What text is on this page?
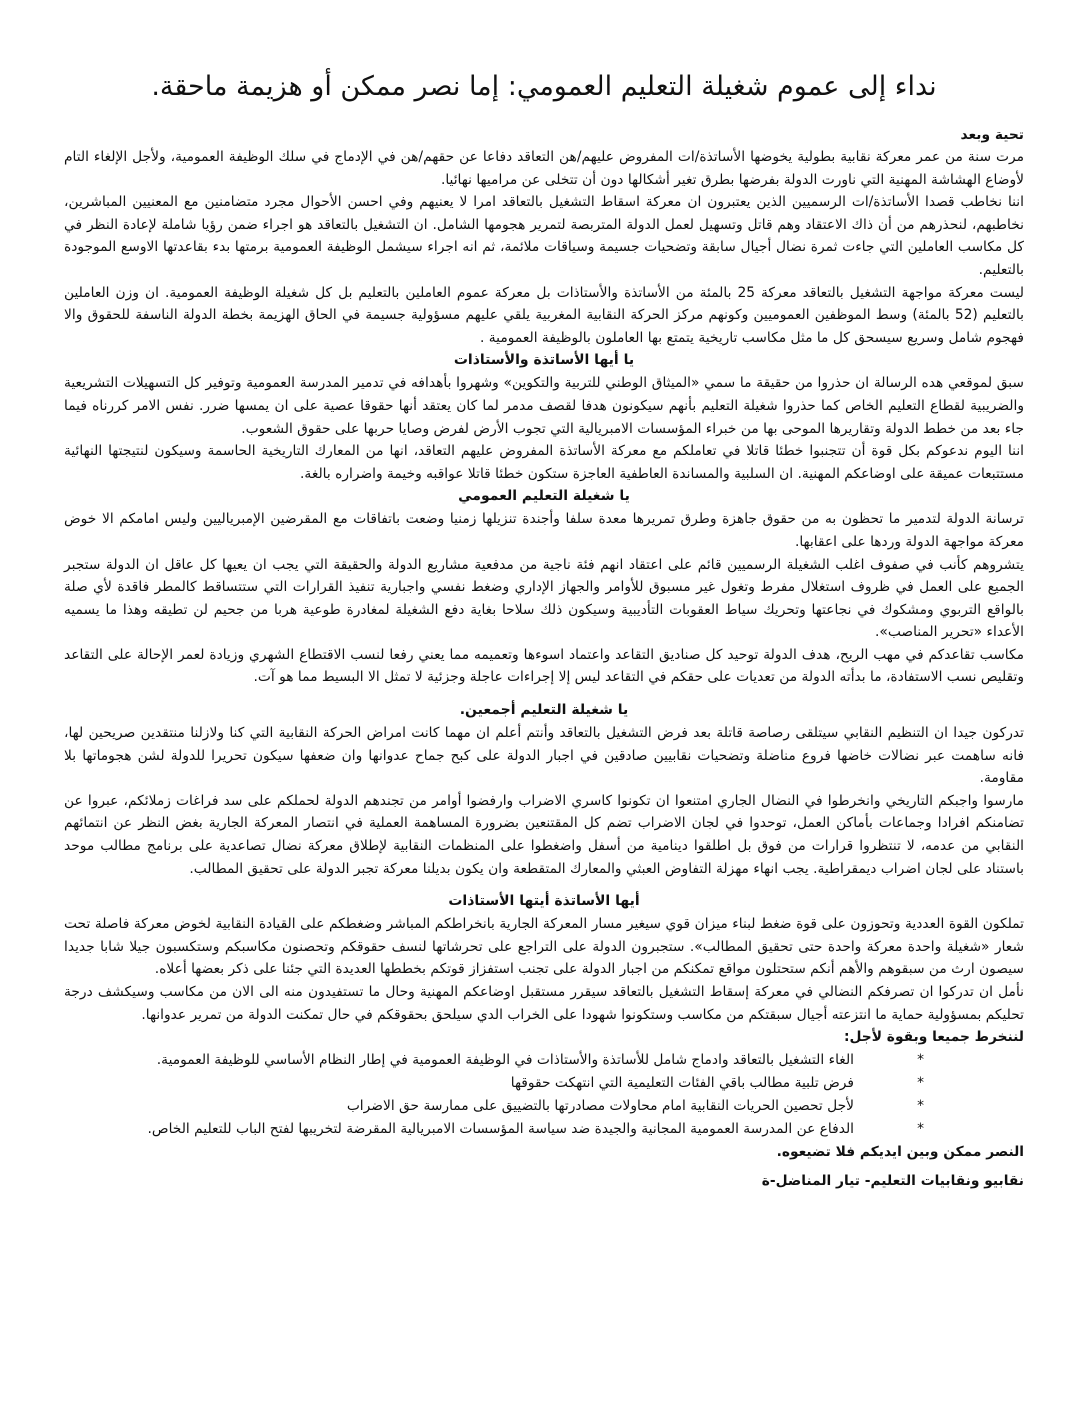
نداء إلى عموم شغيلة التعليم العمومي: إما نصر ممكن أو هزيمة ماحقة.

تحية وبعد

مرت سنة من عمر معركة نقابية بطولية يخوضها الأساتذة/ات المفروض عليهم/هن التعاقد دفاعا عن حقهم/هن في الإدماج في سلك الوظيفة العمومية، ولأجل الإلغاء التام لأوضاع الهشاشة المهنية التي ناورت الدولة بفرضها بطرق تغير أشكالها دون أن تتخلى عن مراميها نهائيا.

اننا نخاطب قصدا الأساتذة/ات الرسميين الذين يعتبرون ان معركة اسقاط التشغيل بالتعاقد امرا لا يعنيهم وفي احسن الأحوال مجرد متضامنين مع المعنيين المباشرين، نخاطبهم، لنحذرهم من أن ذاك الاعتقاد وهم قاتل وتسهيل لعمل الدولة المتربصة لتمرير هجومها الشامل. ان التشغيل بالتعاقد هو اجراء ضمن رؤيا شاملة لإعادة النظر في كل مكاسب العاملين التي جاءت ثمرة نضال أجيال سابقة وتضحيات جسيمة وسياقات ملائمة، ثم انه اجراء سيشمل الوظيفة العمومية برمتها بدء بقاعدتها الاوسع الموجودة بالتعليم.

ليست معركة مواجهة التشغيل بالتعاقد معركة 25 بالمئة من الأساتذة والأستاذات بل معركة عموم العاملين بالتعليم بل كل شغيلة الوظيفة العمومية. ان وزن العاملين بالتعليم (52 بالمئة) وسط الموظفين العموميين وكونهم مركز الحركة النقابية المغربية يلقي عليهم مسؤولية جسيمة في الحاق الهزيمة بخطة الدولة الناسفة للحقوق والا فهجوم شامل وسريع سيسحق كل ما مثل مكاسب تاريخية يتمتع بها العاملون بالوظيفة العمومية .

يا أيها الأساتذة والأستاذات

سبق لموقعي هده الرسالة ان حذروا من حقيقة ما سمي «الميثاق الوطني للتربية والتكوين» وشهروا بأهدافه في تدمير المدرسة العمومية وتوفير كل التسهيلات التشريعية والضريبية لقطاع التعليم الخاص كما حذروا شغيلة التعليم بأنهم سيكونون هدفا لقصف مدمر لما كان يعتقد أنها حقوقا عصية على ان يمسها ضرر. نفس الامر كررناه فيما جاء بعد من خطط الدولة وتقاريرها الموحى بها من خبراء المؤسسات الامبريالية التي تجوب الأرض لفرض وصايا حربها على حقوق الشعوب.

اننا اليوم ندعوكم بكل قوة أن تتجنبوا خطئا قاتلا في تعاملكم مع معركة الأساتذة المفروض عليهم التعاقد، انها من المعارك التاريخية الحاسمة وسيكون لنتيجتها النهائية مستتبعات عميقة على اوضاعكم المهنية. ان السلبية والمساندة العاطفية العاجزة ستكون خطئا قاتلا عواقبه وخيمة واضراره بالغة.

يا شغيلة التعليم العمومي

ترسانة الدولة لتدمير ما تحظون به من حقوق جاهزة وطرق تمريرها معدة سلفا وأجندة تنزيلها زمنيا وضعت باتفاقات مع المقرضين الإمبرياليين وليس امامكم الا خوض معركة مواجهة الدولة وردها على اعقابها.

يتشروهم كأنب في صفوف اغلب الشغيلة الرسميين قائم على اعتقاد انهم فئة ناجية من مدفعية مشاريع الدولة والحقيقة التي يجب ان يعيها كل عاقل ان الدولة ستجبر الجميع على العمل في ظروف استغلال مفرط وتغول غير مسبوق للأوامر والجهاز الإداري وضغط نفسي واجبارية تنفيذ القرارات التي ستتساقط كالمطر فاقدة لأي صلة بالواقع التربوي ومشكوك في نجاعتها وتحريك سياط العقوبات التأديبية وسيكون ذلك سلاحا بغاية دفع الشغيلة لمغادرة طوعية هربا من جحيم لن تطيقه وهذا ما يسميه الأعداء «تحرير المناصب».

مكاسب تقاعدكم في مهب الريح، هدف الدولة توحيد كل صناديق التقاعد واعتماد اسوءها وتعميمه مما يعني رفعا لنسب الاقتطاع الشهري وزيادة لعمر الإحالة على التقاعد وتقليص نسب الاستفادة، ما بدأته الدولة من تعديات على حقكم في التقاعد ليس إلا إجراءات عاجلة وجزئية لا تمثل الا البسيط مما هو آت.

يا شغيلة التعليم أجمعين.

تدركون جيدا ان التنظيم النقابي سيتلقى رصاصة قاتلة بعد فرض التشغيل بالتعاقد وأنتم أعلم ان مهما كانت امراض الحركة النقابية التي كنا ولازلنا منتقدين صريحين لها، فانه ساهمت عبر نضالات خاضها فروع مناضلة وتضحيات نقابيين صادقين في اجبار الدولة على كبح جماح عدوانها وان ضعفها سيكون تحريرا للدولة لشن هجوماتها بلا مقاومة.

مارسوا واجبكم التاريخي وانخرطوا في النضال الجاري امتنعوا ان تكونوا كاسري الاضراب وارفضوا أوامر من تجندهم الدولة لحملكم على سد فراغات زملائكم، عبروا عن تضامنكم افرادا وجماعات بأماكن العمل، توحدوا في لجان الاضراب تضم كل المقتنعين بضرورة المساهمة العملية في انتصار المعركة الجارية بغض النظر عن انتمائهم النقابي من عدمه، لا تنتظروا قرارات من فوق بل اطلقوا دينامية من أسفل واضغطوا على المنظمات النقابية لإطلاق معركة نضال تصاعدية على برنامج مطالب موحد باستناد على لجان اضراب ديمقراطية. يجب انهاء مهزلة التفاوض العبثي والمعارك المتقطعة وان يكون بديلنا معركة تجبر الدولة على تحقيق المطالب.

أيها الأساتذة أيتها الأستاذات

تملكون القوة العددية وتحوزون على قوة ضغط لبناء ميزان قوي سيغير مسار المعركة الجارية بانخراطكم المباشر وضغطكم على القيادة النقابية لخوض معركة فاصلة تحت شعار «شغيلة واحدة معركة واحدة حتى تحقيق المطالب». ستجبرون الدولة على التراجع على تحرشاتها لنسف حقوقكم وتحصنون مكاسبكم وستكسبون جيلا شابا جديدا سيصون ارث من سبقوهم والأهم أنكم ستحتلون مواقع تمكنكم من اجبار الدولة على تجنب استفزاز قوتكم بخططها العديدة التي جئنا على ذكر بعضها أعلاه.

نأمل ان تدركوا ان تصرفكم النضالي في معركة إسقاط التشغيل بالتعاقد سيقرر مستقبل اوضاعكم المهنية وحال ما تستفيدون منه الى الان من مكاسب وسيكشف درجة تحليكم بمسؤولية حماية ما انتزعته أجيال سبقتكم من مكاسب وستكونوا شهودا على الخراب الدي سيلحق بحقوقكم في حال تمكنت الدولة من تمرير عدوانها.

لننخرط جميعا وبقوة لأجل:

*
الغاء التشغيل بالتعاقد وادماج شامل للأساتذة والأستاذات في الوظيفة العمومية في إطار النظام الأساسي للوظيفة العمومية.
*
فرض تلبية مطالب باقي الفئات التعليمية التي انتهكت حقوقها
*
لأجل تحصين الحريات النقابية امام محاولات مصادرتها بالتضييق على ممارسة حق الاضراب
*
الدفاع عن المدرسة العمومية المجانية والجيدة ضد سياسة المؤسسات الامبريالية المقرضة لتخريبها لفتح الباب للتعليم الخاص.

النصر ممكن وبين ايديكم فلا تضيعوه.

نقابيو ونقابيات التعليم- تيار المناضل-ة
